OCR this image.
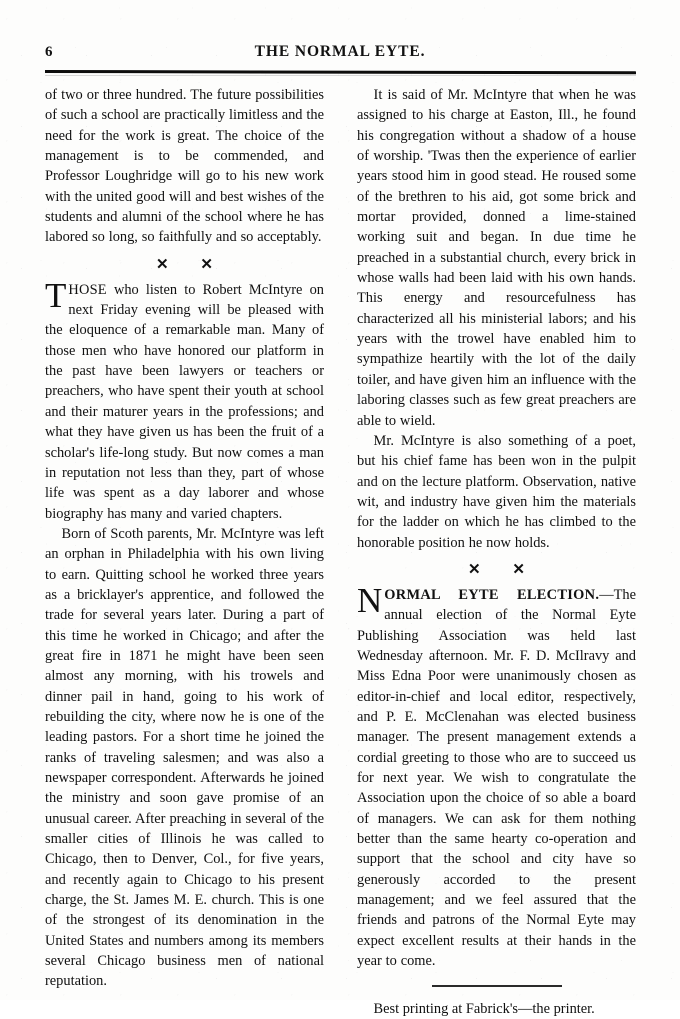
6	THE NORMAL EYTE.

of two or three hundred. The future possibilities of such a school are practically limitless and the need for the work is great. The choice of the management is to be commended, and Professor Loughridge will go to his new work with the united good will and best wishes of the students and alumni of the school where he has labored so long, so faithfully and so acceptably.

✕ ✕

THOSE who listen to Robert McIntyre on next Friday evening will be pleased with the eloquence of a remarkable man. Many of those men who have honored our platform in the past have been lawyers or teachers or preachers, who have spent their youth at school and their maturer years in the professions; and what they have given us has been the fruit of a scholar's life-long study. But now comes a man in reputation not less than they, part of whose life was spent as a day laborer and whose biography has many and varied chapters.

Born of Scoth parents, Mr. McIntyre was left an orphan in Philadelphia with his own living to earn. Quitting school he worked three years as a bricklayer's apprentice, and followed the trade for several years later. During a part of this time he worked in Chicago; and after the great fire in 1871 he might have been seen almost any morning, with his trowels and dinner pail in hand, going to his work of rebuilding the city, where now he is one of the leading pastors. For a short time he joined the ranks of traveling salesmen; and was also a newspaper correspondent. Afterwards he joined the ministry and soon gave promise of an unusual career. After preaching in several of the smaller cities of Illinois he was called to Chicago, then to Denver, Col., for five years, and recently again to Chicago to his present charge, the St. James M. E. church. This is one of the strongest of its denomination in the United States and numbers among its members several Chicago business men of national reputation.

It is said of Mr. McIntyre that when he was assigned to his charge at Easton, Ill., he found his congregation without a shadow of a house of worship. 'Twas then the experience of earlier years stood him in good stead. He roused some of the brethren to his aid, got some brick and mortar provided, donned a lime-stained working suit and began. In due time he preached in a substantial church, every brick in whose walls had been laid with his own hands. This energy and resourcefulness has characterized all his ministerial labors; and his years with the trowel have enabled him to sympathize heartily with the lot of the daily toiler, and have given him an influence with the laboring classes such as few great preachers are able to wield.

Mr. McIntyre is also something of a poet, but his chief fame has been won in the pulpit and on the lecture platform. Observation, native wit, and industry have given him the materials for the ladder on which he has climbed to the honorable position he now holds.

✕ ✕

NORMAL EYTE ELECTION.—The annual election of the Normal Eyte Publishing Association was held last Wednesday afternoon. Mr. F. D. McIlravy and Miss Edna Poor were unanimously chosen as editor-in-chief and local editor, respectively, and P. E. McClenahan was elected business manager. The present management extends a cordial greeting to those who are to succeed us for next year. We wish to congratulate the Association upon the choice of so able a board of managers. We can ask for them nothing better than the same hearty co-operation and support that the school and city have so generously accorded to the present management; and we feel assured that the friends and patrons of the Normal Eyte may expect excellent results at their hands in the year to come.

Best printing at Fabrick's—the printer.
